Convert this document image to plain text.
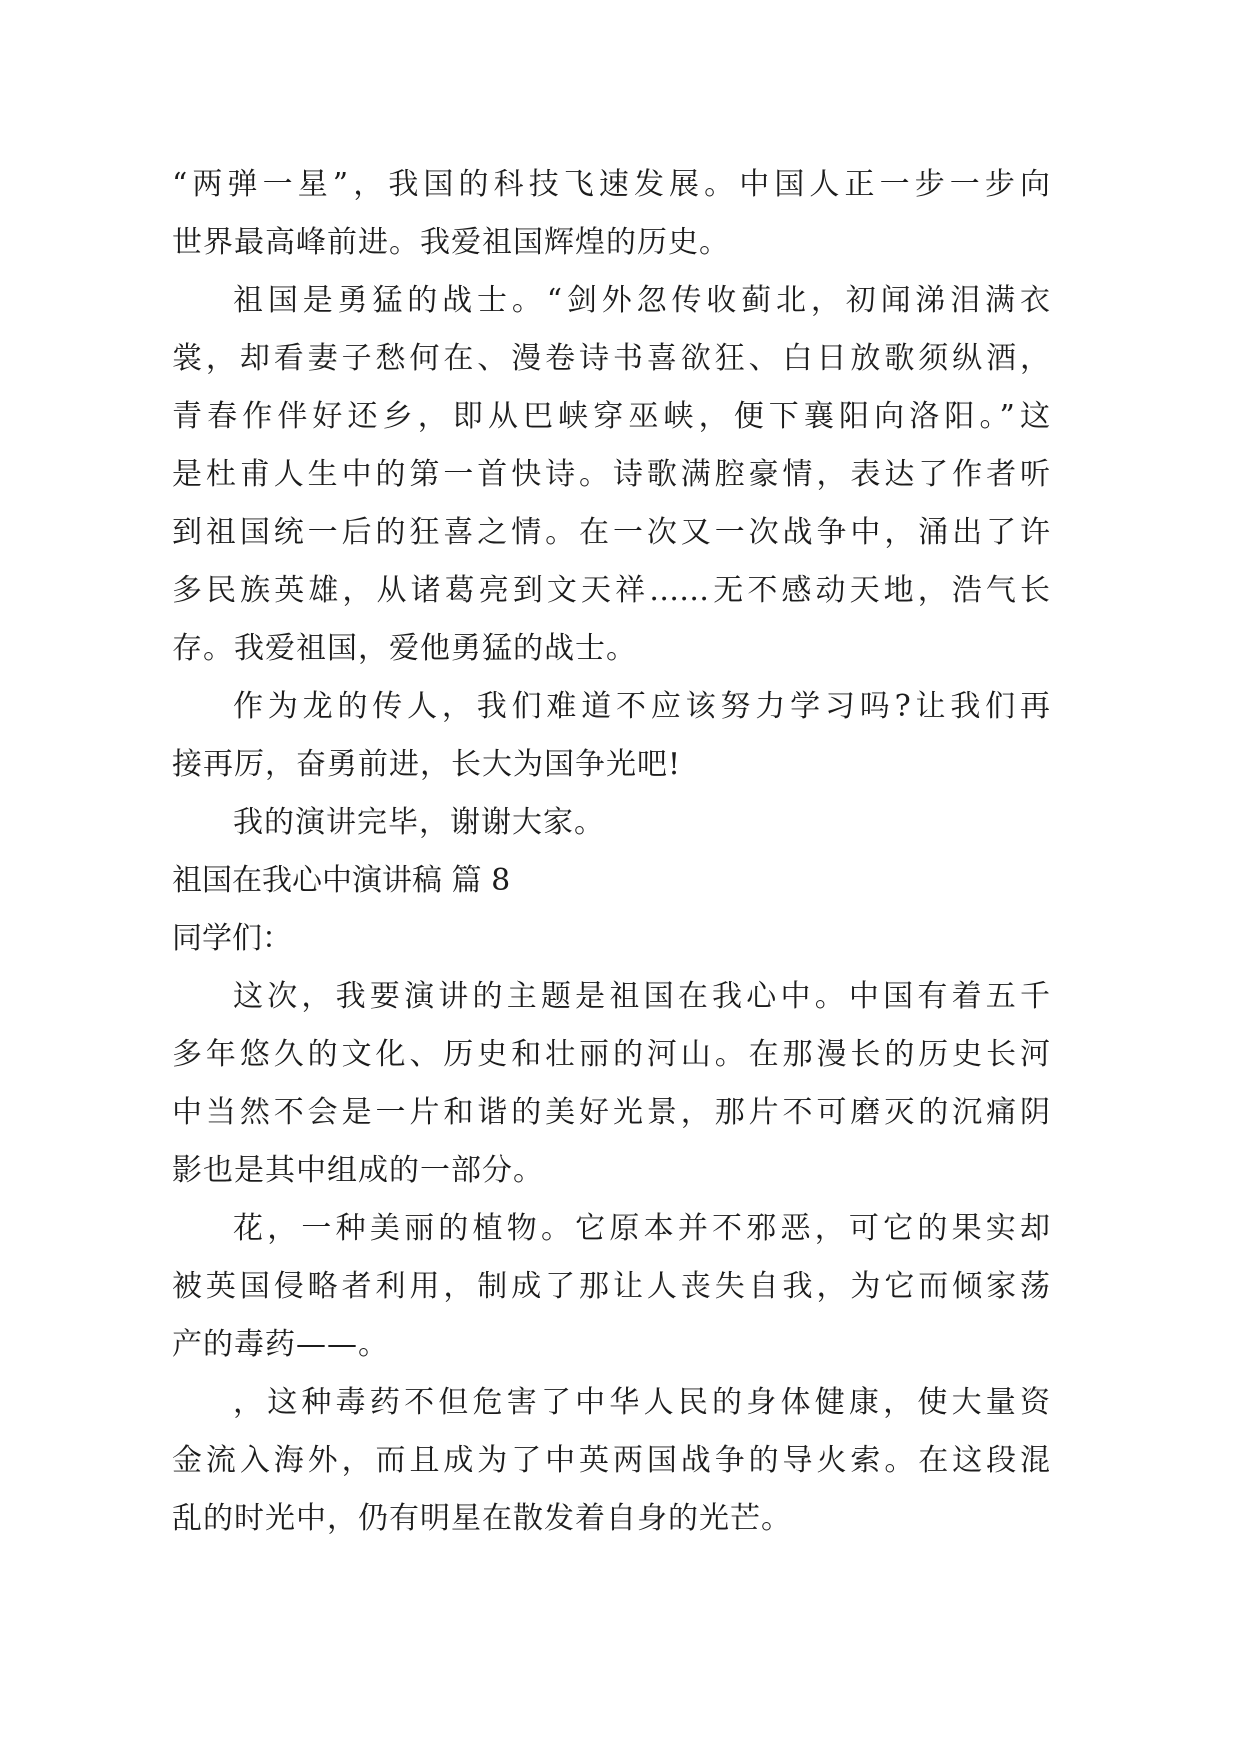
“两弹一星”，我国的科技飞速发展。中国人正一步一步向
世界最高峰前进。我爱祖国辉煌的历史。
祖国是勇猛的战士。“剑外忽传收蓟北，初闻涕泪满衣
裳，却看妻子愁何在、漫卷诗书喜欲狂、白日放歌须纵酒，
青春作伴好还乡，即从巴峡穿巫峡，便下襄阳向洛阳。”这
是杜甫人生中的第一首快诗。诗歌满腔豪情，表达了作者听
到祖国统一后的狂喜之情。在一次又一次战争中，涌出了许
多民族英雄，从诸葛亮到文天祥……无不感动天地，浩气长
存。我爱祖国，爱他勇猛的战士。
作为龙的传人，我们难道不应该努力学习吗?让我们再
接再厉，奋勇前进，长大为国争光吧!
我的演讲完毕，谢谢大家。
祖国在我心中演讲稿 篇 8
同学们：
这次，我要演讲的主题是祖国在我心中。中国有着五千
多年悠久的文化、历史和壮丽的河山。在那漫长的历史长河
中当然不会是一片和谐的美好光景，那片不可磨灭的沉痛阴
影也是其中组成的一部分。
花，一种美丽的植物。它原本并不邪恶，可它的果实却
被英国侵略者利用，制成了那让人丧失自我，为它而倾家荡
产的毒药——。
，这种毒药不但危害了中华人民的身体健康，使大量资
金流入海外，而且成为了中英两国战争的导火索。在这段混
乱的时光中，仍有明星在散发着自身的光芒。
